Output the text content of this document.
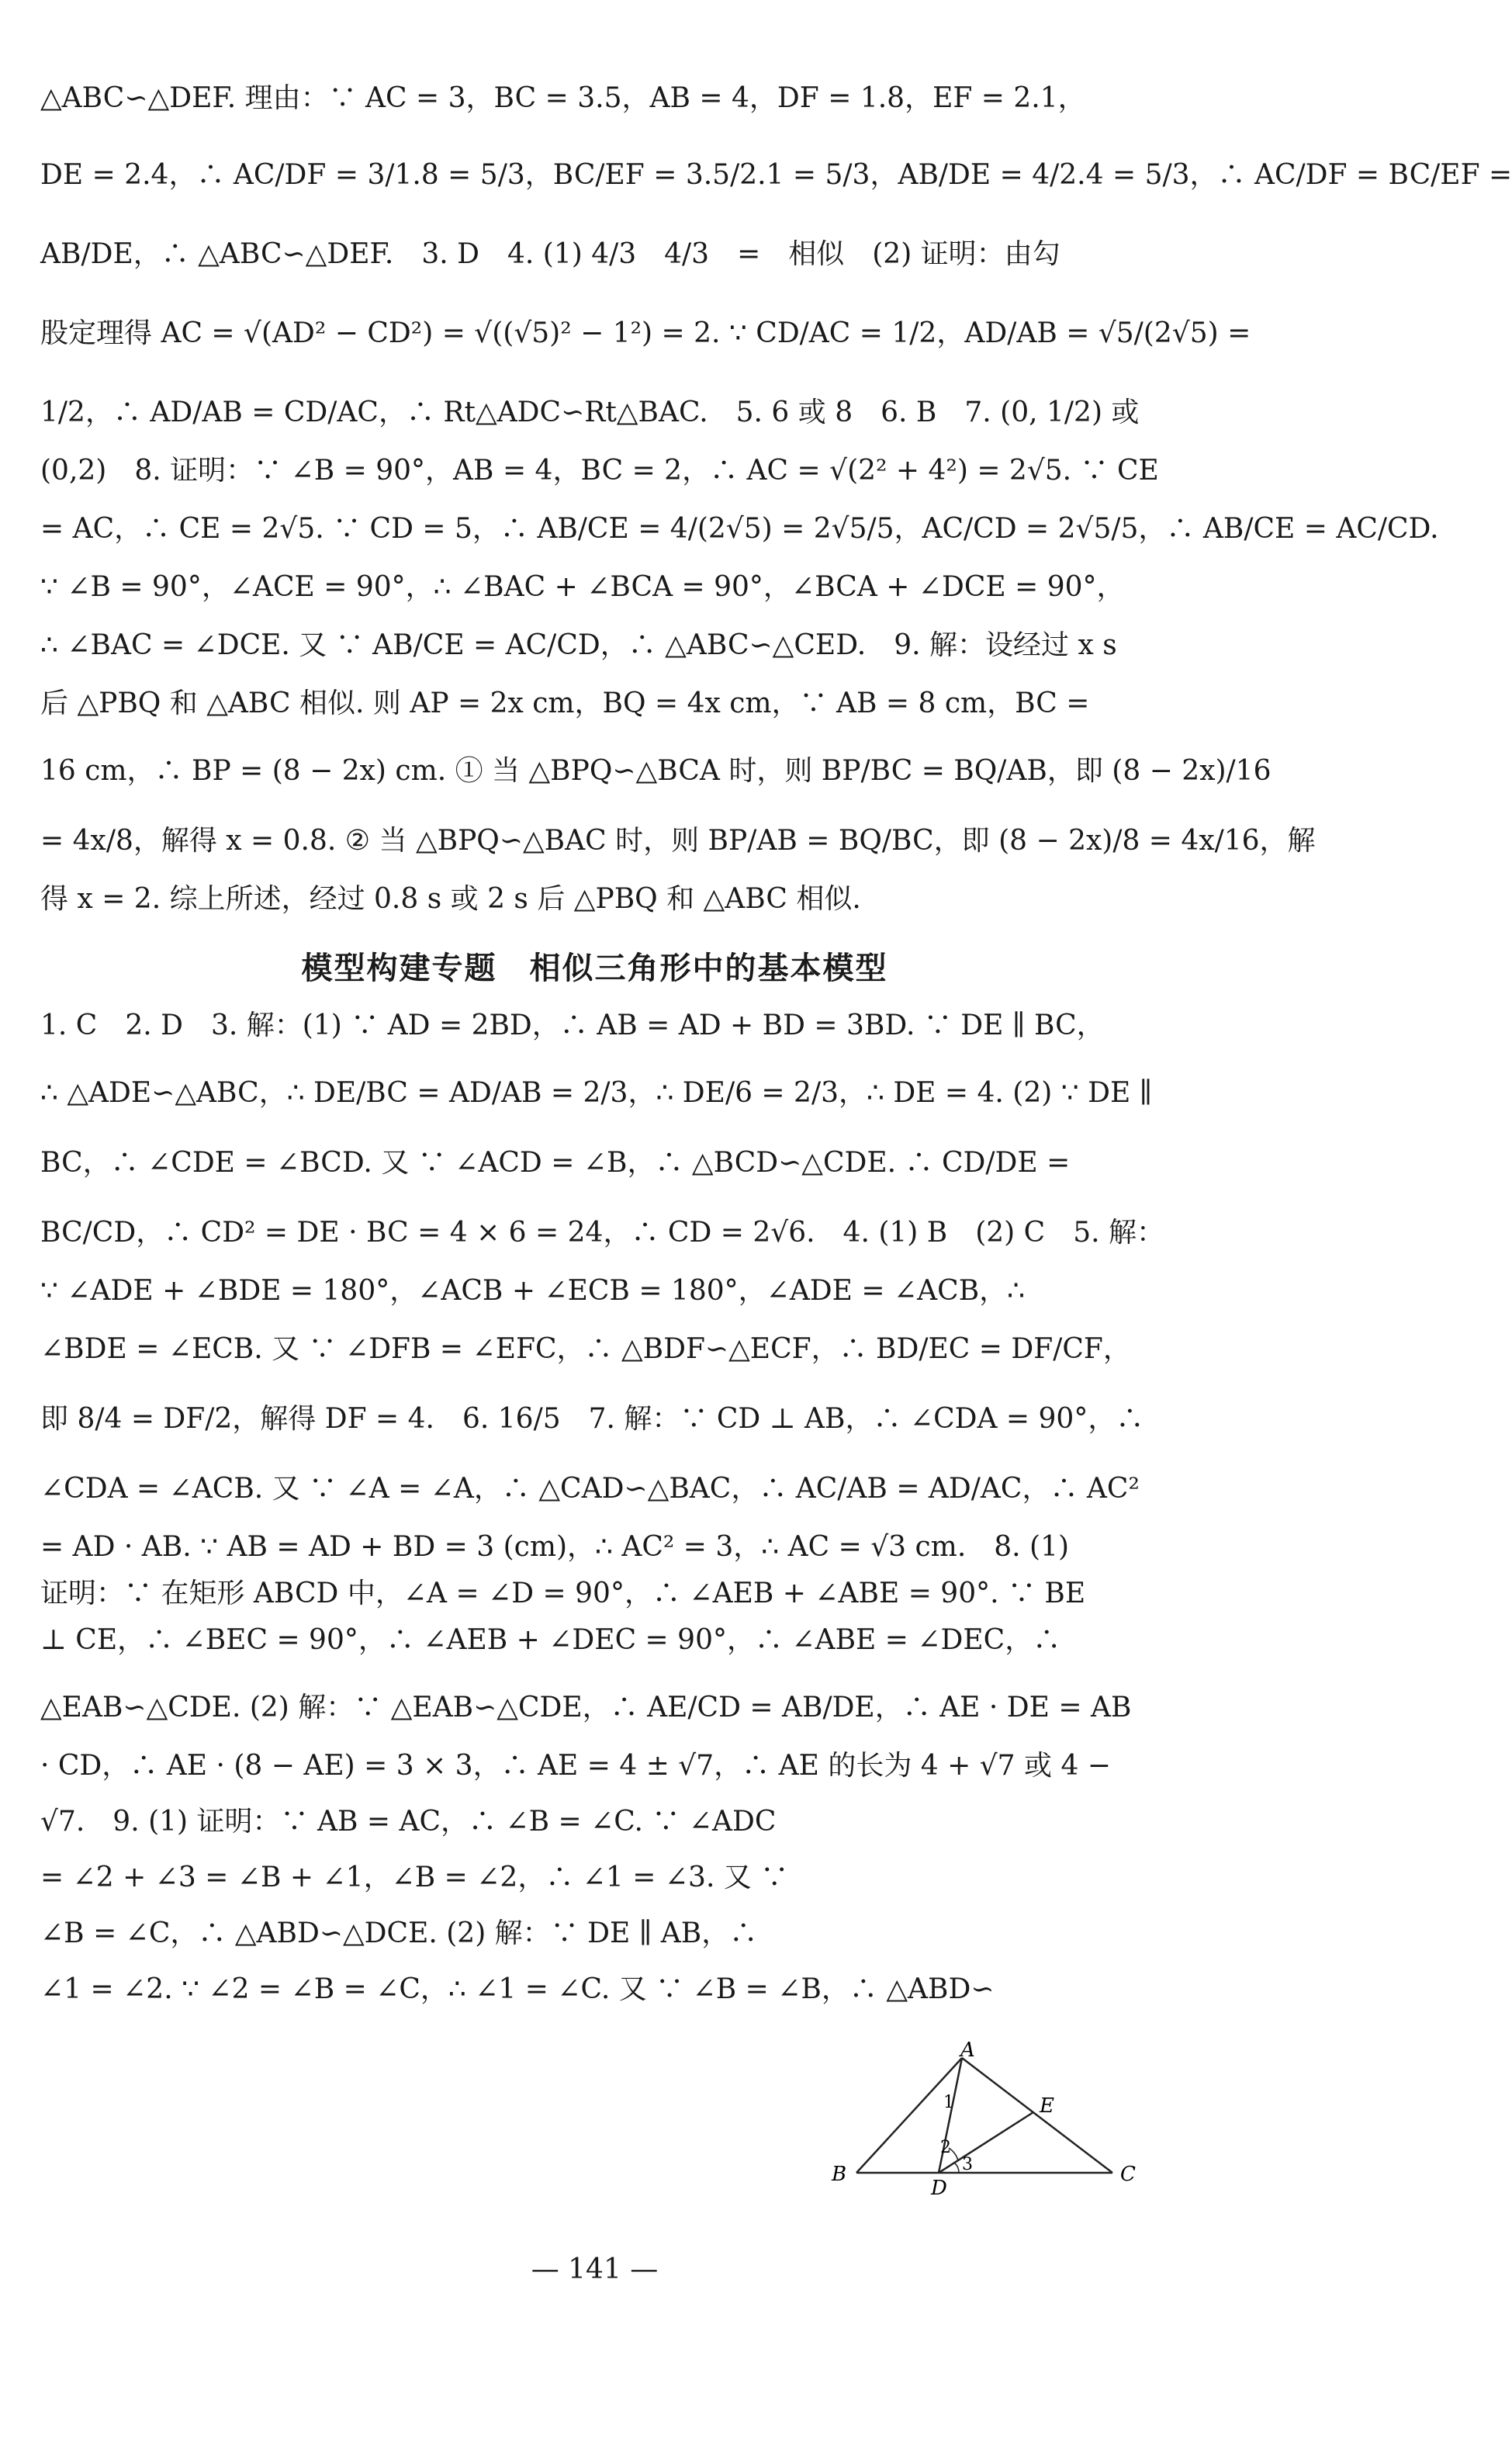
△ABC∽△DEF. 理由：∵ AC = 3，BC = 3.5，AB = 4，DF = 1.8，EF = 2.1，

DE = 2.4，∴ AC/DF = 3/1.8 = 5/3，BC/EF = 3.5/2.1 = 5/3，AB/DE = 4/2.4 = 5/3，∴ AC/DF = BC/EF =

AB/DE，∴ △ABC∽△DEF.　3. D　4. (1) 4/3　4/3　=　相似　(2) 证明：由勾

股定理得 AC = √(AD² − CD²) = √((√5)² − 1²) = 2. ∵ CD/AC = 1/2，AD/AB = √5/(2√5) =

1/2，∴ AD/AB = CD/AC，∴ Rt△ADC∽Rt△BAC.　5. 6 或 8　6. B　7. (0, 1/2) 或

(0,2)　8. 证明：∵ ∠B = 90°，AB = 4，BC = 2，∴ AC = √(2² + 4²) = 2√5. ∵ CE

= AC，∴ CE = 2√5. ∵ CD = 5，∴ AB/CE = 4/(2√5) = 2√5/5，AC/CD = 2√5/5，∴ AB/CE = AC/CD.

∵ ∠B = 90°，∠ACE = 90°，∴ ∠BAC + ∠BCA = 90°，∠BCA + ∠DCE = 90°，

∴ ∠BAC = ∠DCE. 又 ∵ AB/CE = AC/CD，∴ △ABC∽△CED.　9. 解：设经过 x s

后 △PBQ 和 △ABC 相似. 则 AP = 2x cm，BQ = 4x cm，∵ AB = 8 cm，BC =

16 cm，∴ BP = (8 − 2x) cm. ① 当 △BPQ∽△BCA 时，则 BP/BC = BQ/AB，即 (8 − 2x)/16

= 4x/8，解得 x = 0.8. ② 当 △BPQ∽△BAC 时，则 BP/AB = BQ/BC，即 (8 − 2x)/8 = 4x/16，解

得 x = 2. 综上所述，经过 0.8 s 或 2 s 后 △PBQ 和 △ABC 相似.

模型构建专题　相似三角形中的基本模型

1. C　2. D　3. 解：(1) ∵ AD = 2BD，∴ AB = AD + BD = 3BD. ∵ DE ∥ BC，

∴ △ADE∽△ABC，∴ DE/BC = AD/AB = 2/3，∴ DE/6 = 2/3，∴ DE = 4. (2) ∵ DE ∥

BC，∴ ∠CDE = ∠BCD. 又 ∵ ∠ACD = ∠B，∴ △BCD∽△CDE. ∴ CD/DE =

BC/CD，∴ CD² = DE · BC = 4 × 6 = 24，∴ CD = 2√6.　4. (1) B　(2) C　5. 解：

∵ ∠ADE + ∠BDE = 180°，∠ACB + ∠ECB = 180°，∠ADE = ∠ACB，∴

∠BDE = ∠ECB. 又 ∵ ∠DFB = ∠EFC，∴ △BDF∽△ECF，∴ BD/EC = DF/CF，

即 8/4 = DF/2，解得 DF = 4.　6. 16/5　7. 解：∵ CD ⊥ AB，∴ ∠CDA = 90°，∴

∠CDA = ∠ACB. 又 ∵ ∠A = ∠A，∴ △CAD∽△BAC，∴ AC/AB = AD/AC，∴ AC²

= AD · AB. ∵ AB = AD + BD = 3 (cm)，∴ AC² = 3，∴ AC = √3 cm.　8. (1)

证明：∵ 在矩形 ABCD 中，∠A = ∠D = 90°，∴ ∠AEB + ∠ABE = 90°. ∵ BE

⊥ CE，∴ ∠BEC = 90°，∴ ∠AEB + ∠DEC = 90°，∴ ∠ABE = ∠DEC，∴

△EAB∽△CDE. (2) 解：∵ △EAB∽△CDE，∴ AE/CD = AB/DE，∴ AE · DE = AB

· CD，∴ AE · (8 − AE) = 3 × 3，∴ AE = 4 ± √7，∴ AE 的长为 4 + √7 或 4 −

√7.　9. (1) 证明：∵ AB = AC，∴ ∠B = ∠C. ∵ ∠ADC

= ∠2 + ∠3 = ∠B + ∠1，∠B = ∠2，∴ ∠1 = ∠3. 又 ∵

∠B = ∠C，∴ △ABD∽△DCE. (2) 解：∵ DE ∥ AB，∴

∠1 = ∠2. ∵ ∠2 = ∠B = ∠C，∴ ∠1 = ∠C. 又 ∵ ∠B = ∠B，∴ △ABD∽

A
B	C
D
E
1
2
3
— 141 —
